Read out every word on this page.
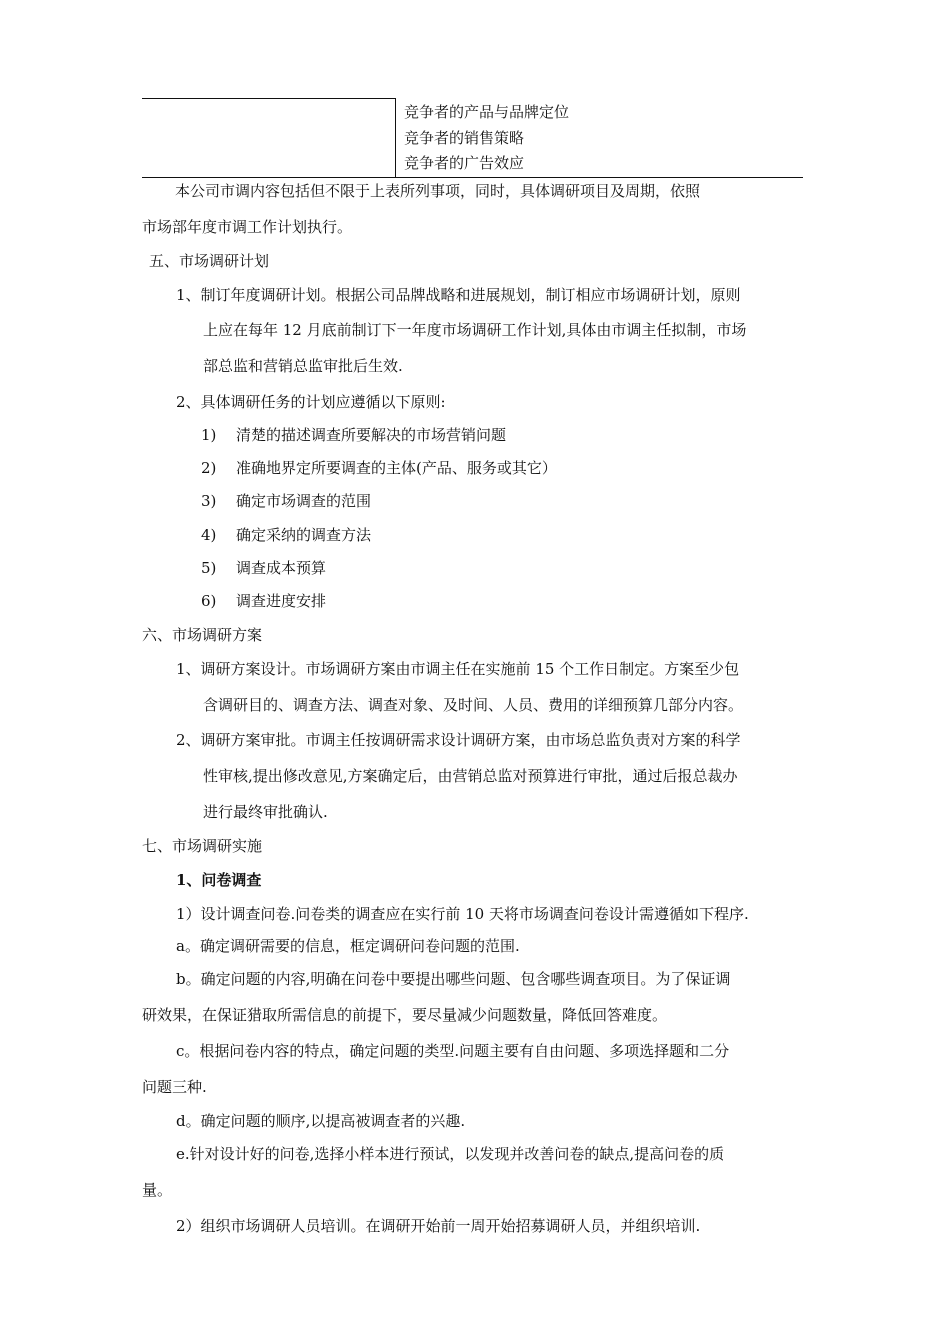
竞争者的产品与品牌定位
竞争者的销售策略
竞争者的广告效应
本公司市调内容包括但不限于上表所列事项，同时，具体调研项目及周期，依照
市场部年度市调工作计划执行。
五、市场调研计划
1、制订年度调研计划。根据公司品牌战略和进展规划，制订相应市场调研计划，原则
上应在每年 12 月底前制订下一年度市场调研工作计划,具体由市调主任拟制，市场
部总监和营销总监审批后生效.
2、具体调研任务的计划应遵循以下原则:
1) 清楚的描述调查所要解决的市场营销问题
2) 准确地界定所要调查的主体(产品、服务或其它）
3) 确定市场调查的范围
4) 确定采纳的调查方法
5) 调查成本预算
6) 调查进度安排
六、市场调研方案
1、调研方案设计。市场调研方案由市调主任在实施前 15 个工作日制定。方案至少包
含调研目的、调查方法、调查对象、及时间、人员、费用的详细预算几部分内容。
2、调研方案审批。市调主任按调研需求设计调研方案，由市场总监负责对方案的科学
性审核,提出修改意见,方案确定后，由营销总监对预算进行审批，通过后报总裁办
进行最终审批确认.
七、市场调研实施
1、问卷调查
1）设计调查问卷.问卷类的调查应在实行前 10 天将市场调查问卷设计需遵循如下程序.
a。确定调研需要的信息，框定调研问卷问题的范围.
b。确定问题的内容,明确在问卷中要提出哪些问题、包含哪些调查项目。为了保证调
研效果，在保证猎取所需信息的前提下，要尽量减少问题数量，降低回答难度。
c。根据问卷内容的特点，确定问题的类型.问题主要有自由问题、多项选择题和二分
问题三种.
d。确定问题的顺序,以提高被调查者的兴趣.
e.针对设计好的问卷,选择小样本进行预试，以发现并改善问卷的缺点,提高问卷的质
量。
2）组织市场调研人员培训。在调研开始前一周开始招募调研人员，并组织培训.
